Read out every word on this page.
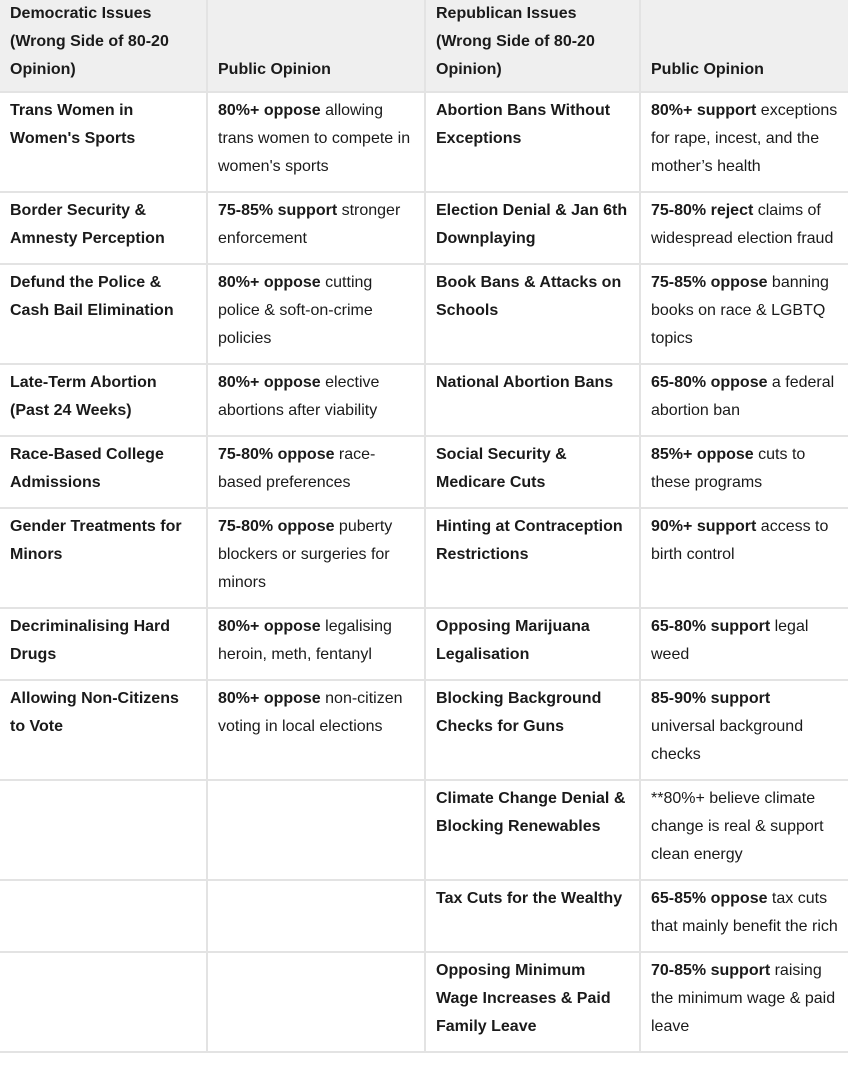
Democratic Issues (Wrong Side of 80-20 Opinion)	Public Opinion	Republican Issues (Wrong Side of 80-20 Opinion)	Public Opinion
Trans Women in Women's Sports	80%+ oppose allowing trans women to compete in women's sports	Abortion Bans Without Exceptions	80%+ support exceptions for rape, incest, and the mother’s health
Border Security & Amnesty Perception	75-85% support stronger enforcement	Election Denial & Jan 6th Downplaying	75-80% reject claims of widespread election fraud
Defund the Police & Cash Bail Elimination	80%+ oppose cutting police & soft-on-crime policies	Book Bans & Attacks on Schools	75-85% oppose banning books on race & LGBTQ topics
Late-Term Abortion (Past 24 Weeks)	80%+ oppose elective abortions after viability	National Abortion Bans	65-80% oppose a federal abortion ban
Race-Based College Admissions	75-80% oppose race-based preferences	Social Security & Medicare Cuts	85%+ oppose cuts to these programs
Gender Treatments for Minors	75-80% oppose puberty blockers or surgeries for minors	Hinting at Contraception Restrictions	90%+ support access to birth control
Decriminalising Hard Drugs	80%+ oppose legalising heroin, meth, fentanyl	Opposing Marijuana Legalisation	65-80% support legal weed
Allowing Non-Citizens to Vote	80%+ oppose non-citizen voting in local elections	Blocking Background Checks for Guns	85-90% support universal background checks
		Climate Change Denial & Blocking Renewables	**80%+ believe climate change is real & support clean energy
		Tax Cuts for the Wealthy	65-85% oppose tax cuts that mainly benefit the rich
		Opposing Minimum Wage Increases & Paid Family Leave	70-85% support raising the minimum wage & paid leave
